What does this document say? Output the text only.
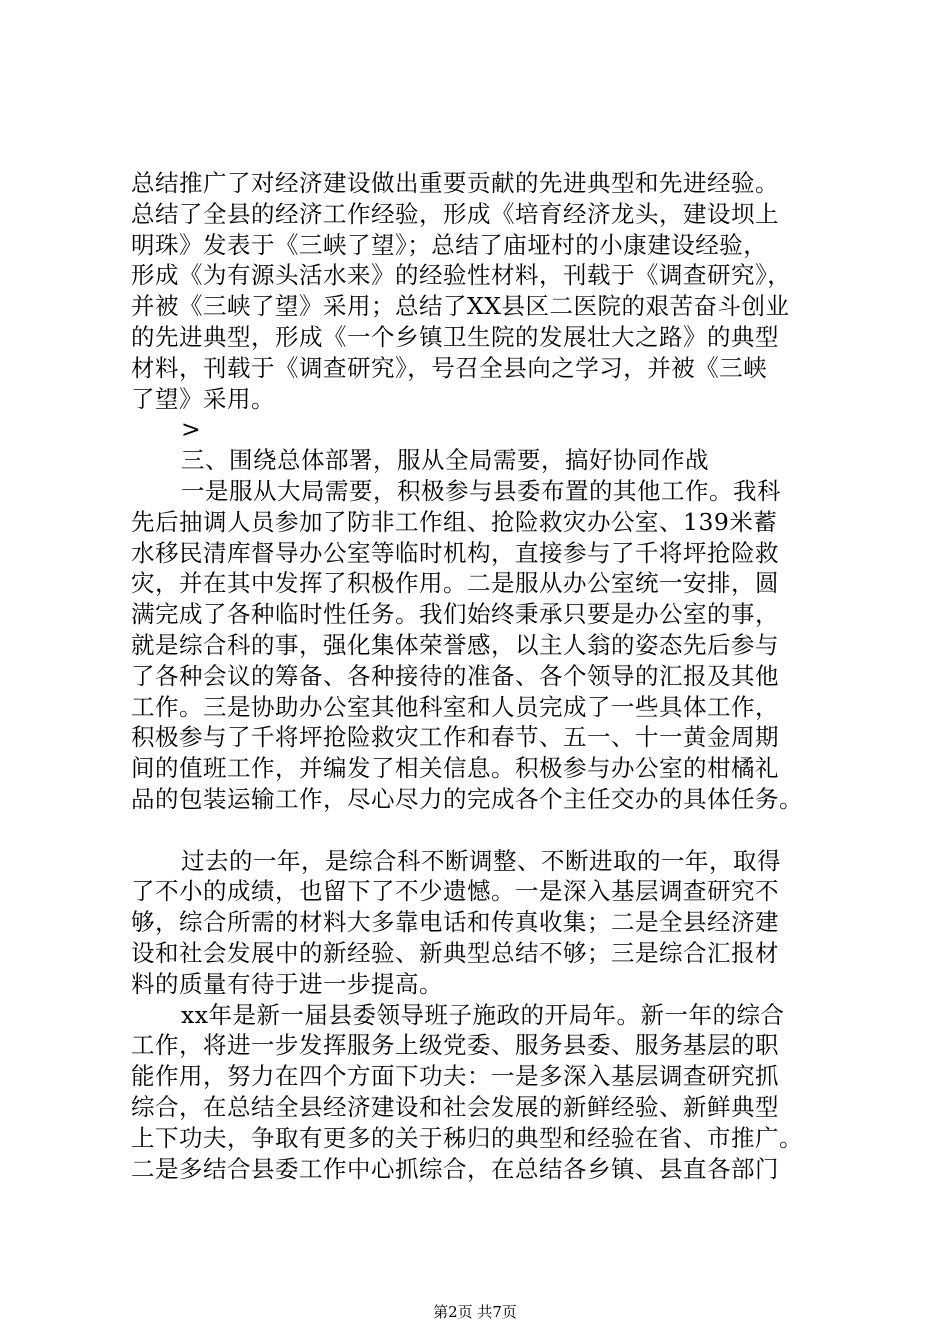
总结推广了对经济建设做出重要贡献的先进典型和先进经验。
总结了全县的经济工作经验，形成《培育经济龙头，建设坝上
明珠》发表于《三峡了望》；总结了庙垭村的小康建设经验，
形成《为有源头活水来》的经验性材料，刊载于《调查研究》，
并被《三峡了望》采用；总结了XX县区二医院的艰苦奋斗创业
的先进典型，形成《一个乡镇卫生院的发展壮大之路》的典型
材料，刊载于《调查研究》，号召全县向之学习，并被《三峡
了望》采用。
>
三、围绕总体部署，服从全局需要，搞好协同作战
一是服从大局需要，积极参与县委布置的其他工作。我科
先后抽调人员参加了防非工作组、抢险救灾办公室、139米蓄
水移民清库督导办公室等临时机构，直接参与了千将坪抢险救
灾，并在其中发挥了积极作用。二是服从办公室统一安排，圆
满完成了各种临时性任务。我们始终秉承只要是办公室的事，
就是综合科的事，强化集体荣誉感，以主人翁的姿态先后参与
了各种会议的筹备、各种接待的准备、各个领导的汇报及其他
工作。三是协助办公室其他科室和人员完成了一些具体工作，
积极参与了千将坪抢险救灾工作和春节、五一、十一黄金周期
间的值班工作，并编发了相关信息。积极参与办公室的柑橘礼
品的包装运输工作，尽心尽力的完成各个主任交办的具体任务。
过去的一年，是综合科不断调整、不断进取的一年，取得
了不小的成绩，也留下了不少遗憾。一是深入基层调查研究不
够，综合所需的材料大多靠电话和传真收集；二是全县经济建
设和社会发展中的新经验、新典型总结不够；三是综合汇报材
料的质量有待于进一步提高。
xx年是新一届县委领导班子施政的开局年。新一年的综合
工作，将进一步发挥服务上级党委、服务县委、服务基层的职
能作用，努力在四个方面下功夫：一是多深入基层调查研究抓
综合，在总结全县经济建设和社会发展的新鲜经验、新鲜典型
上下功夫，争取有更多的关于秭归的典型和经验在省、市推广。
二是多结合县委工作中心抓综合，在总结各乡镇、县直各部门
第2页 共7页
